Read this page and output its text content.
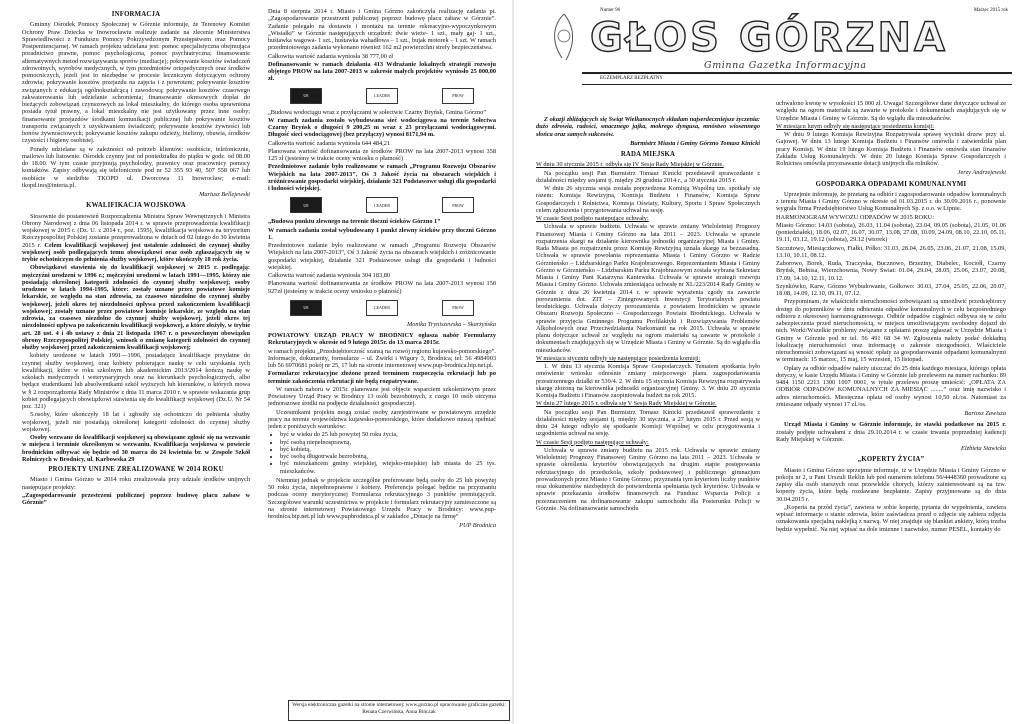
INFORMACJA

Gminny Ośrodek Pomocy Społecznej w Górznie informuje, że Terenowy Komitet Ochrony Praw Dziecka w Inowrocławiu realizuje zadanie na zlecenie Ministerstwa Sprawiedliwości z Funduszu Pomocy Pokrzywdzonym Przestępstwem oraz Pomocy Postpenitencjarnej. W ramach projektu udzielana jest: pomoc specjalistyczna obejmująca poradnictwo prawne, pomoc psychologiczna, pomoc psychiatryczna; finansowanie alternatywnych metod rozwiązywania sporów (mediacje); pokrywanie kosztów świadczeń zdrowotnych, wyrobów medycznych, w tym przedmiotów ortopedycznych oraz środków pomocniczych, jeżeli jest to niezbędne w procesie leczniczym dotyczącym ochrony zdrowia; pokrywanie kosztów przejazdu na zajęcia i z powrotem; pokrywanie kosztów związanych z edukacją ogólnokształcącą i zawodową; pokrywanie kosztów czasowego zakwaterowania lub udzielanie schronienia; finansowanie okresowych dopłat do bieżących zobowiązań czynszowych za lokal mieszkalny, do którego osoba uprawniona posiada tytuł prawny, a lokal mieszkalny nie jest użytkowany przez inne osoby; finansowanie przejazdów środkami komunikacji publicznej lub pokrywanie kosztów transportu związanych z uzyskiwaniem świadczeń; pokrywanie kosztów żywności lub bonów żywnościowych; pokrywanie kosztów zakupu odzieży, bielizny, obuwia, środków czystości i higieny osobistej.

Porady udzielane są w zależności od potrzeb klientów: osobiście, telefonicznie, mailowo lub listownie. Ośrodek czynny jest od poniedziałku do piątku w godz. od 08.00 do 18.00. W tym czasie przyjmują psycholodzy, prawnicy oraz pracownicy pomocy kontaktów. Zapisy odbywają się telefonicznie pod nr 52 355 93 40, 507 558 067 lub osobiście w siedzibie TKOPD ul. Dworcowa 11 Inowrocław; e-mail: tkopd.ino@interia.pl.

Mariusz Bellejewski

KWALIFIKACJA WOJSKOWA

Stosownie do postanowień Rozporządzenia Ministra Spraw Wewnętrznych i Ministra Obrony Narodowej z dnia 06 listopada 2014 r. w sprawie przeprowadzenia kwalifikacji wojskowej w 2015 r. (Dz. U. z 2014 r., poz. 1595), kwalifikacja wojskowa na terytorium Rzeczypospolitej Polskiej zostanie przeprowadzona w dniach od 02 lutego do 30 kwietnia 2015 r. Celem kwalifikacji wojskowej jest ustalenie zdolności do czynnej służby wojskowej osób podlegających temu obowiązkowi oraz osób zgłaszających się w trybie ochotniczym do pełnienia służby wojskowej, które ukończyły 18 rok życia.

Obowiązkowi stawienia się do kwalifikacji wojskowej w 2015 r. podlegają: mężczyźni urodzeni w 1996 r.; mężczyźni urodzeni w latach 1991—1995, którzy nie posiadają określonej kategorii zdolności do czynnej służby wojskowej; osoby urodzone w latach 1994-1995, które: zostały uznane przez powiatowe komisje lekarskie, ze względu na stan zdrowia, za czasowo niezdolne do czynnej służby wojskowej, jeżeli okres tej niezdolności upływa przed zakończeniem kwalifikacji wojskowej; zostały uznane przez powiatowe komisje lekarskie, ze względu na stan zdrowia, za czasowo niezdolne do czynnej służby wojskowej, jeżeli okres tej niezdolności upływa po zakończeniu kwalifikacji wojskowej, a które złożyły, w trybie art. 28 ust. 4 i 4b ustawy z dnia 21 listopada 1967 r. o powszechnym obowiązku obrony Rzeczypospolitej Polskiej, wniosek o zmianę kategorii zdolności do czynnej służby wojskowej przed zakończeniem kwalifikacji wojskowej;

kobiety urodzone w latach 1991—1996, posiadające kwalifikacje przydatne do czynnej służby wojskowej, oraz kobiety pobierające naukę w celu uzyskania tych kwalifikacji, które w roku szkolnym lub akademickim 2013/2014 kończą naukę w szkołach medycznych i weterynaryjnych oraz na kierunkach psychologicznych, albo będące studentkami lub absolwentkami szkół wyższych lub kierunków, o których mowa w § 2 rozporządzenia Rady Ministrów z dnia 11 marca 2010 r. w sprawie wskazania grup kobiet podlegających obowiązkowi stawienia się do kwalifikacji wojskowej (Dz.U. Nr 54 poz. 321)

5.osoby, które ukończyły 18 lat i zgłosiły się ochotniczo do pełnienia służby wojskowej, jeżeli nie posiadają określonej kategorii zdolności do czynnej służby wojskowej.

Osoby wezwane do kwalifikacji wojskowej są obowiązane zgłosić się na wezwanie w miejscu i terminie określonym w wezwaniu. Kwalifikacja wojskowa w powiecie brodnickim odbywać się będzie od 30 marca do 24 kwietnia br. w Zespole Szkół Rolniczych w Brodnicy, ul. Karbowska 29

PROJEKTY UNIJNE ZREALIZOWANE W 2014 ROKU

Miasto i Gmina Górzno w 2014 roku zrealizowała przy udziale środków unijnych następujące projekty:

„Zagospodarowanie przestrzeni publicznej poprzez budowę placu zabaw w Górznie”

Dnia 8 sierpnia 2014 r. Miasto i Gmina Górzno zakończyła realizację zadania pt. „Zagospodarowanie przestrzeni publicznej poprzez budowę placu zabaw w Górznie”. Zadanie polegało na dostawie i montażu na terenie rekreacyjno-wypoczynkowym „Wisiałki” w Górznie następujących urządzeń: dwie wieże- 1 szt., mały gaj- 1 szt., huśtawka wagowa- 1 szt., huśtawka wahadłowa – 1 szt., bujak motorek – 1 szt. W ramach przedmiotowego zadania wykonano również 162 m2 powierzchni strefy bezpieczeństwa.

Całkowita wartość zadania wyniosła 38 777,00 zł

Dofinansowanie w ramach działania 413 Wdrażanie lokalnych strategii rozwoju objętego PROW na lata 2007-2013 w zakresie małych projektów wyniosło 25 000,00 zł.

UE	LEADER	PROW

„Budowa wodociągu wraz z przyłączami w sołectwie Czarny Bryńsk, Gmina Górzno”

W ramach zadania zostało wybudowana sieć wodociągowa na terenie Sołectwa Czarny Bryńsk o długości 9 200,25 m wraz z 23 przyłączami wodociągowymi. Długość sieci wodociągowej (bez przyłączy) wynosi 8171,94 m.

Całkowita wartość zadania wyniosła 644 484,21

Planowana wartość dofinansowania ze środków PROW na lata 2007-2013 wynosi 358 125 zł (jesteśmy w trakcie oceny wniosku o płatność)

Przedmiotowe zadanie było realizowane w ramach „Programu Rozwoju Obszarów Wiejskich na lata 2007-2013”, Oś 3 Jakość życia na obszarach wiejskich i zróżnicowanie gospodarki wiejskiej, działanie 321 Podstawowe usługi dla gospodarki i ludności wiejskiej.

UE	LEADER	PROW

„Budowa punktu zlewnego na terenie tłoczni ścieków Górzno 1”

W ramach zadania został wybudowany 1 punkt zlewny ścieków przy tłoczni Górzno 1.

Przedmiotowe zadanie było realizowane w ramach „Programu Rozwoju Obszarów Wiejskich na lata 2007-2013”, Oś 3 Jakość życia na obszarach wiejskich i zróżnicowanie gospodarki wiejskiej, działanie 321 Podstawowe usługi dla gospodarki i ludności wiejskiej.

Całkowita wartość zadania wyniosła 304 183,80

Planowana wartość dofinansowania ze środków PROW na lata 2007-2013 wynosi 150 927zł (jesteśmy w trakcie oceny wniosku o płatność)

UE	LEADER	PROW

Monika Tryniszewska – Skarżyńska

POWIATOWY URZĄD PRACY W BRODNICY ogłasza nabór Formularzy Rekrutacyjnych w okresie od 9 lutego 2015r. do 13 marca 2015r.

w ramach projektu „Przedsiębiorczość szansą na rozwój regionu kujawsko-pomorskiego”. Informacje, dokumenty, formularze – ul. Żwirki i Wigury 3, Brodnica; tel: 56 4984903 lub 56 6970681 pokój nr 25, 17 lub na stronie internetowej www.pup-brodnica.bip.net.pl.

Formularze rekrutacyjne złożone przed terminem rozpoczęcia rekrutacji lub po terminie zakończenia rekrutacji nie będą rozpatrywane.

W ramach naboru w 2015r. planowane jest objęcie wsparciem szkoleniowym przez Powiatowy Urząd Pracy w Brodnicy 13 osób bezrobotnych, z czego 10 osób otrzyma jednorazowe środki na podjęcie działalności gospodarczej.

Uczestnikami projektu mogą zostać osoby zarejestrowane w powiatowym urzędzie pracy na terenie województwa kujawsko-pomorskiego, które dodatkowo muszą spełniać jeden z poniższych warunków:

• być w wieku do 25 lub powyżej 50 roku życia,
• być osobą niepełnosprawną,
• być kobietą,
• być osobą długotrwale bezrobotną,
• być mieszkańcem gminy wiejskiej, wiejsko-miejskiej lub miasta do 25 tys. mieszkańców.

Niemniej jednak w projekcie szczególne preferowane będą osoby do 25 lub powyżej 50 roku życia, niepełnosprawne i kobiety. Preferencja polegać będzie na przyznaniu podczas oceny merytorycznej Formularza rekrutacyjnego 3 punktów premiujących. Szczegółowe warunki uczestnictwa w projekcie i formularz rekrutacyjny zamieszczone są na stronie internetowej Powiatowego Urzędu Pracy w Brodnicy: www.pup-brodnica.bip.net.pl lub www.pupbrodnica.pl w zakładce „Dotacje na firmę”

PUP Brodnica

Wersja elektroniczna gazetki na stronie internetowej: www.gorzno.pl opracowanie graficzne gazetki: Renata Czerwińska, Anna Bińczak
Numer 96	Marzec 2015 rok
GŁOS GÓRZNA
Gminna Gazetka Informacyjna
EGZEMPLARZ BEZPŁATNY

Z okazji zbliżających się Świąt Wielkanocnych składam najserdeczniejsze życzenia: dużo zdrowia, radości, smacznego jajka, mokrego dyngusa, mnóstwo wiosennego słońca oraz samych sukcesów.

Burmistrz Miasta i Gminy Górzno Tomasz Kinicki

RADA MIEJSKA

W dniu 30 stycznia 2015 r. odbyła się IV Sesja Rady Miejskiej w Górznie.

Na początku sesji Pan Burmistrz Tomasz Kinicki przedstawił sprawozdanie z działalności między sesjami tj. między 29 grudnia 2014 r., a 30 stycznia 2015 r.

W dniu 26 stycznia sesja została poprzedzona Komisją Wspólną tzn. spotkały się razem: Komisja Rewizyjna, Komisja Budżetu i Finansów, Komisja Spraw Gospodarczych i Rolnictwa, Komisja Oświaty, Kultury, Sportu i Spraw Społecznych celem zgłoszenia i przygotowania uchwał na sesję.

W czasie Sesji podjęto następujące uchwały:

Uchwała w sprawie budżetu. Uchwała w sprawie zmiany Wieloletniej Prognozy Finansowej Miasta i Gminy Górzno na lata 2011 – 2023. Uchwała w sprawie rozpatrzenia skargi na działanie kierownika jednostki organizacyjnej Miasta i Gminy. Rada Miasta po rozpatrzeniu przez Komisję Rewizyjną uznała skargę za bezzasadną. Uchwała w sprawie powołania reprezentanta Miasta i Gminy Górzno w Radzie Górznieńsko – Lidzbarskiego Parku Krajobrazowego. Reprezentantem Miasta i Gminy Górzno w Górznieńsko – Lidzbarskim Parku Krajobrazowym została wybrana Sekretarz Miasta i Gminy Pani Katarzyna Kaniewska. Uchwała w sprawie strategii rozwoju Miasta i Gminy Górzno. Uchwała zmieniająca uchwałę nr XL/223/2014 Rady Gminy w Górznie z dnia 26 kwietnia 2014 r. w sprawie wyrażenia zgody na zawarcie porozumienia dot. ZIT – Zintegrowanych Inwestycji Terytorialnych powiatu brodnickiego. Uchwała dotyczy porozumienia z powiatem brodnickim w sprawie Obszaru Rozwoju Społeczno – Gospodarczego Powiatu Brodnickiego. Uchwała w sprawie przyjęcia Gminnego Programu Profilaktyki i Rozwiązywania Problemów Alkoholowych oraz Przeciwdziałania Narkomanii na rok 2015. Uchwała w sprawie planu dotyczące uchwał ze względu na ogrom materiału są zawarte w protokole i dokumentach znajdujących się w Urzędzie Miasta i Gminy w Górznie. Są do wglądu dla mieszkańców.

W miesiącu styczniu odbyły się następujące posiedzenia komisji:

1. W dniu 13 stycznia Komisja Spraw Gospodarczych. Tematem spotkania było omówienie wniosku odnośnie zmiany miejscowego planu zagospodarowania przestrzennego działki nr 539/4. 2. W dniu 15 stycznia Komisja Rewizyjna rozpatrywała skargę złożoną na kierownika jednostki organizacyjnej Gminy. 3. W dniu 20 stycznia Komisja Budżetu i Finansów zaopiniowała budżet na rok 2015.

W dniu 27 lutego 2015 r. odbyła się V Sesja Rady Miejskiej w Górznie.

Na początku sesji Pan Burmistrz Tomasz Kinicki przedstawił sprawozdanie z działalności między sesjami tj. między 30 stycznia, a 27 lutym 2015 r. Przed sesją w dniu 24 lutego odbyło się spotkanie Komisji Wspólnej w celu przygotowania i uzgodnienia uchwał na sesję.

W czasie Sesji podjęto następujące uchwały:

Uchwała w sprawie zmiany budżetu na 2015 rok. Uchwała w sprawie zmiany Wieloletniej Prognozy Finansowej Gminy Górzno na lata 2011 – 2023. Uchwała w sprawie określenia kryteriów obowiązujących na drugim etapie postępowania rekrutacyjnego do przedszkola, szkoły podstawowej i publicznego gimnazjum prowadzonych przez Miasto i Gminę Górzno; przyznania tym kryteriom liczby punktów oraz dokumentów niezbędnych do potwierdzenia spełniania tych kryteriów. Uchwała w sprawie przekazania środków finansowych na Fundusz Wsparcia Policji z przeznaczeniem na dofinansowanie zakupu samochodu dla Posterunku Policji w Górznie. Na dofinansowanie samochodu

uchwalono kwotę w wysokości 15 000 zł. Uwaga! Szczegółowe dane dotyczące uchwał ze względu na ogrom materiału są zawarte w protokole i dokumentach znajdujących się w Urzędzie Miasta i Gminy w Górznie. Są do wglądu dla mieszkańców.

W miesiącu lutym odbyły się następujące posiedzenia komisji:

W dniu 9 lutego Komisja Rewizyjna Rozpatrywała sprawę wycinki drzew przy ul. Gajowej. W dniu 13 lutego Komisja Budżetu i Finansów omówiła i zatwierdziła plan pracy Komisji. W dniu 19 lutego Komisja Budżetu i Finansów omówiła stan finansów Zakładu Usług Komunalnych. W dniu 20 lutego Komisja Spraw Gospodarczych i Rolnictwa omówiła przyznawanie dotacji unijnych dla rolników.

Jerzy Andrzejewski

GOSPODARKA ODPADAMI KOMUNALNYMI

Uprzejmie informuję, że przetarg na odbiór i zagospodarowanie odpadów komunalnych z terenu Miasta i Gminy Górzno w okresie od 01.03.2015 r. do 30.09.2016 r., ponownie wygrała firma Przedsiębiorstwo Usług Komunalnych Sp. z o.o. w Lipnie.

HARMONOGRAM WYWOZU ODPADÓW W 2015 ROKU:

Miasto Górzno: 14.03 (sobota), 26.03, 11.04 (sobota), 23.04, 09.05 (sobota), 21.05, 01.06 (poniedziałek), 18.06, 02.07, 16.07, 30.07, 13.08, 27.08, 10.09, 24.09, 08.10, 22.10, 05.11, 19.11, 03.12, 19.12 (sobota), 29.12 (wtorek)

Szczutowo, Miesiączkowo, Fiałki, Półko: 31.03, 28.04, 26.05, 23.06, 21.07, 21.08, 15.09, 13.10, 10.11, 08.12.

Zaborowo, Borek, Ruda, Traczyska, Bucznowo, Brzeziny, Diabelec, Kociołł, Czarny Bryńsk, Bełnisa, Wierzchownia, Nowy Świat: 01.04, 29.04, 28.05, 25.06, 23.07, 20.08, 17.09, 14.10, 12.11, 10.12.

Szynkówko, Karw, Górzno Wybudowanie, Gołkowo: 30.03, 27.04, 25.05, 22.06, 20.07, 18.08, 14.09, 12.10, 09.11, 07.12.

Przypominam, że właściciele nieruchomości zobowiązani są umożliwić przedsiębiorcy dostęp do pojemników w dniu odbierania odpadów komunalnych w celu bezpośredniego odbioru z okresowej harmonogramowego. Odbiór odpadów ciągłości odbywa się w celu zabezpieczenia przed nieruchomością, w miejscu umożliwiającym swobodny dojazd do nich. Worki/Wszelkie problemy związane z opłatami proszę zgłaszać w Urzędzie Miasta i Gminy w Górznie pod nr tel. 56 491 68 34 W. Zgłoszenia należy podać dokładną lokalizację nieruchomości oraz informację o zakresie niezgodności. Właściciele nieruchomości zobowiązani są wnosić opłaty za gospodarowanie odpadami komunalnymi w terminach: 15 marzec, 15 maj, 15 wrzesień, 15 listopad.

Opłaty za odbiór odpadów należy uiszczać do 25 dnia każdego miesiąca, którego opłata dotyczy, w kasie Urzędu Miasta i Gminy w Górznie lub przelewem na numer rachunku: 89 9484 1150 2213 1300 1007 0001, w tytule przelewu proszę umieścić: „OPŁATA ZA ODBIÓR ODPADÓW KOMUNALNYCH ZA MIESIĄC ........” oraz imię nazwisko i adres nieruchomości. Miesięczna opłata od osoby wynosi 10,50 zł./os. Natomiast za zmieszane odpady wynosi 17 zł./os.

Bartosz Zawisza

Urząd Miasta i Gminy w Górznie informuje, że stawki podatkowe na 2015 r. zostały podjęte uchwałami z dnia 29.10.2014 r. w czasie trwania poprzedniej kadencji Rady Miejskiej w Górznie.

Elżbieta Stawicka

„KOPERTY ŻYCIA”

Miasto i Gmina Górzno uprzejmie informuje, iż w Urzędzie Miasta i Gminy Górzno w pokoju nr 2, u Pani Urszuli Reklin lub pod numerem telefonu 56/4448360 prowadzone są zapisy dla osób starszych oraz przewlekle chorych, którzy zainteresowani są na tzw. koperty życia, które będą rozdawane bezpłatnie. Zapisy przyjmowane są do dnia 30.04.2015 r.

„Koperta na przód życia”, zawiera w sobie kopertę, pytania do wypełnienia, zawiera wpisać informacje o stanie zdrowia, które zaświadcza przed o zdjęcie się zabiera zdjęcia oznakowania specjalną naklejką z nazwą. W niej znajduje się blankiet ankiety, którą trzeba będzie wypełnić. Na niej wpisać na dole imienne i nazwisko, numer PESEL, kontakty do
